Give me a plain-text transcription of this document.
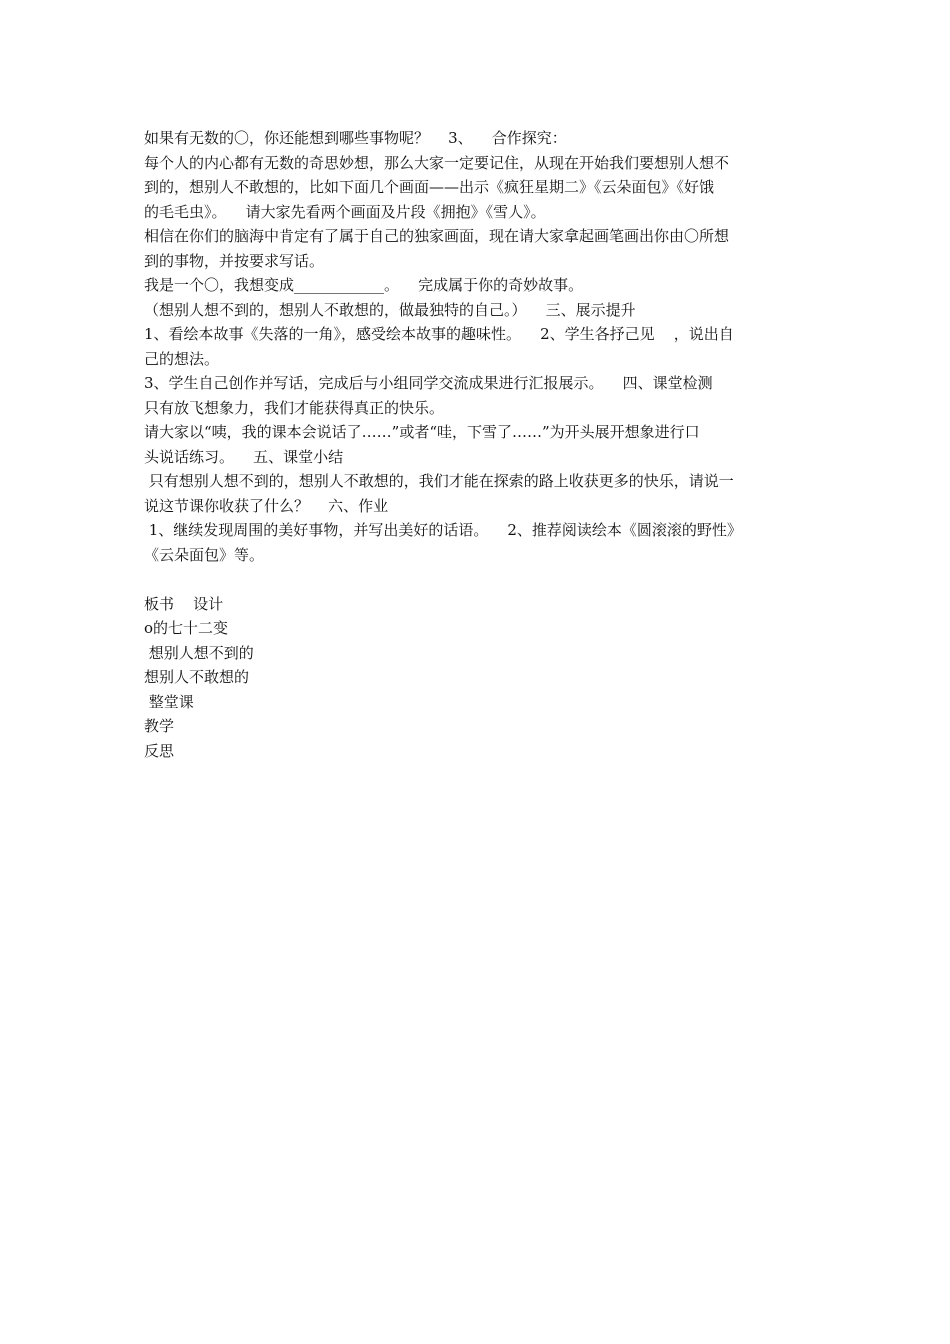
如果有无数的〇，你还能想到哪些事物呢？    3、    合作探究：
每个人的内心都有无数的奇思妙想，那么大家一定要记住，从现在开始我们要想别人想不
到的，想别人不敢想的，比如下面几个画面——出示《疯狂星期二》《云朵面包》《好饿
的毛毛虫》。    请大家先看两个画面及片段《拥抱》《雪人》。
相信在你们的脑海中肯定有了属于自己的独家画面，现在请大家拿起画笔画出你由〇所想
到的事物，并按要求写话。
我是一个〇，我想变成____________。    完成属于你的奇妙故事。
（想别人想不到的，想别人不敢想的，做最独特的自己。）    三、展示提升
1、看绘本故事《失落的一角》，感受绘本故事的趣味性。    2、学生各抒己见    ，说出自
己的想法。
3、学生自己创作并写话，完成后与小组同学交流成果进行汇报展示。    四、课堂检测
只有放飞想象力，我们才能获得真正的快乐。
请大家以“咦，我的课本会说话了……”或者“哇，下雪了……”为开头展开想象进行口
头说话练习。    五、课堂小结
只有想别人想不到的，想别人不敢想的，我们才能在探索的路上收获更多的快乐，请说一
说这节课你收获了什么？    六、作业
1、继续发现周围的美好事物，并写出美好的话语。    2、推荐阅读绘本《圆滚滚的野性》
《云朵面包》等。
板书    设计
o的七十二变
想别人想不到的
想别人不敢想的
整堂课
教学
反思
